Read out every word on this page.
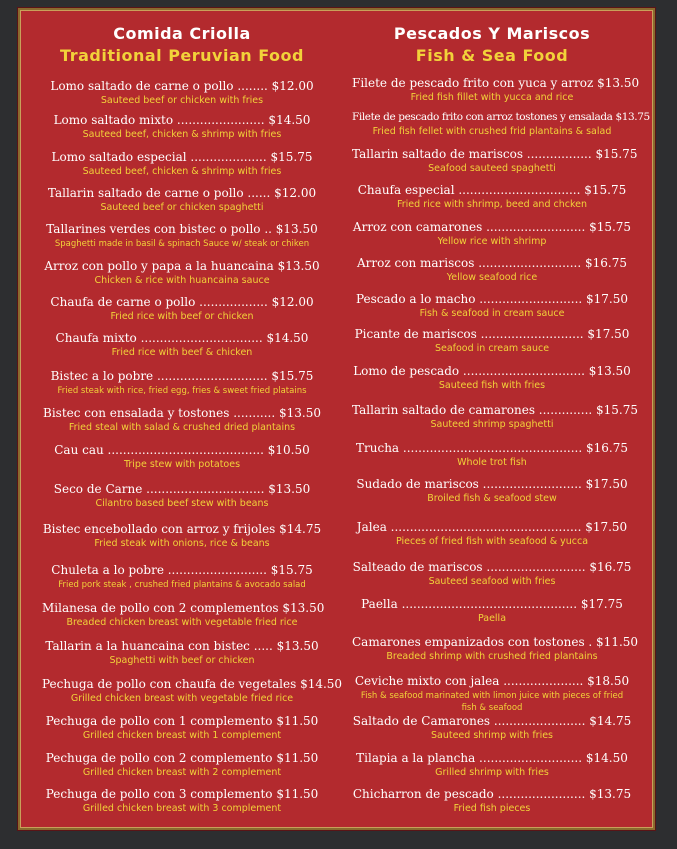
Comida Criolla
Traditional Peruvian Food
Lomo saltado de carne o pollo ........ $12.00
Sauteed beef or chicken with fries
Lomo saltado mixto ....................... $14.50
Sauteed beef, chicken & shrimp with fries
Lomo saltado especial .................... $15.75
Sauteed beef, chicken & shrimp with fries
Tallarin saltado de carne o pollo ...... $12.00
Sauteed beef or chicken spaghetti
Tallarines verdes con bistec o pollo .. $13.50
Spaghetti made in basil & spinach Sauce w/ steak or chiken
Arroz con pollo y papa a la huancaina $13.50
Chicken & rice with huancaina sauce
Chaufa de carne o pollo .................. $12.00
Fried rice with beef or chicken
Chaufa mixto ................................ $14.50
Fried rice with beef & chicken
Bistec a lo pobre ............................. $15.75
Fried steak with rice, fried egg, fries & sweet fried platains
Bistec con ensalada y tostones ........... $13.50
Fried steal with salad & crushed dried plantains
Cau cau ......................................... $10.50
Tripe stew with potatoes
Seco de Carne ............................... $13.50
Cilantro based beef stew with beans
Bistec encebollado con arroz y frijoles $14.75
Fried steak with onions, rice & beans
Chuleta a lo pobre .......................... $15.75
Fried pork steak , crushed fried plantains & avocado salad
Milanesa de pollo con 2 complementos $13.50
Breaded chicken breast with vegetable fried rice
Tallarin a la huancaina con bistec ..... $13.50
Spaghetti with beef or chicken
Pechuga de pollo con chaufa de vegetales $14.50
Grilled chicken breast with vegetable fried rice
Pechuga de pollo con 1 complemento $11.50
Grilled chicken breast with 1 complement
Pechuga de pollo con 2 complemento $11.50
Grilled chicken breast with 2 complement
Pechuga de pollo con 3 complemento $11.50
Grilled chicken breast with 3 complement
Pescados Y Mariscos
Fish & Sea Food
Filete de pescado frito con yuca y arroz $13.50
Fried fish fillet with yucca and rice
Filete de pescado frito con arroz tostones y ensalada $13.75
Fried fish fellet with crushed frid plantains & salad
Tallarin saltado de mariscos ................. $15.75
Seafood sauteed spaghetti
Chaufa especial ................................ $15.75
Fried rice with shrimp, beed and chcken
Arroz con camarones .......................... $15.75
Yellow rice with shrimp
Arroz con mariscos ........................... $16.75
Yellow seafood rice
Pescado a lo macho ........................... $17.50
Fish & seafood in cream sauce
Picante de mariscos ........................... $17.50
Seafood in cream sauce
Lomo de pescado ................................ $13.50
Sauteed fish with fries
Tallarin saltado de camarones .............. $15.75
Sauteed shrimp spaghetti
Trucha ............................................... $16.75
Whole trot fish
Sudado de mariscos .......................... $17.50
Broiled fish & seafood stew
Jalea .................................................. $17.50
Pieces of fried fish with seafood & yucca
Salteado de mariscos .......................... $16.75
Sauteed seafood with fries
Paella .............................................. $17.75
Paella
Camarones empanizados con tostones . $11.50
Breaded shrimp with crushed fried plantains
Ceviche mixto con jalea ..................... $18.50
Fish & seafood marinated with limon juice with pieces of fried fish & seafood
Saltado de Camarones ........................ $14.75
Sauteed shrimp with fries
Tilapia a la plancha ........................... $14.50
Grilled shrimp with fries
Chicharron de pescado ....................... $13.75
Fried fish pieces
